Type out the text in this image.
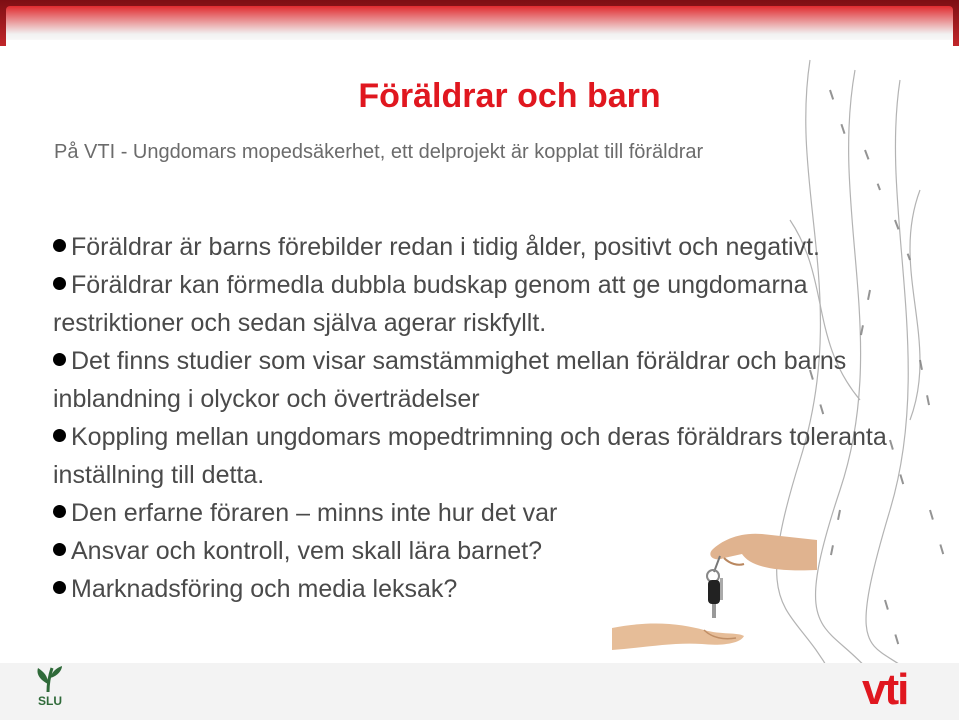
Föräldrar och barn
På VTI - Ungdomars mopedsäkerhet, ett delprojekt är kopplat till föräldrar
Föräldrar är barns förebilder redan i tidig ålder, positivt och negativt.
Föräldrar kan förmedla dubbla budskap genom att ge ungdomarna restriktioner och sedan själva agerar riskfyllt.
Det finns studier som visar samstämmighet mellan föräldrar och barns inblandning i olyckor och överträdelser
Koppling mellan ungdomars mopedtrimning och deras föräldrars toleranta inställning till detta.
Den erfarne föraren – minns inte hur det var
Ansvar och kontroll, vem skall lära barnet?
Marknadsföring och media leksak?
SLU	vti
